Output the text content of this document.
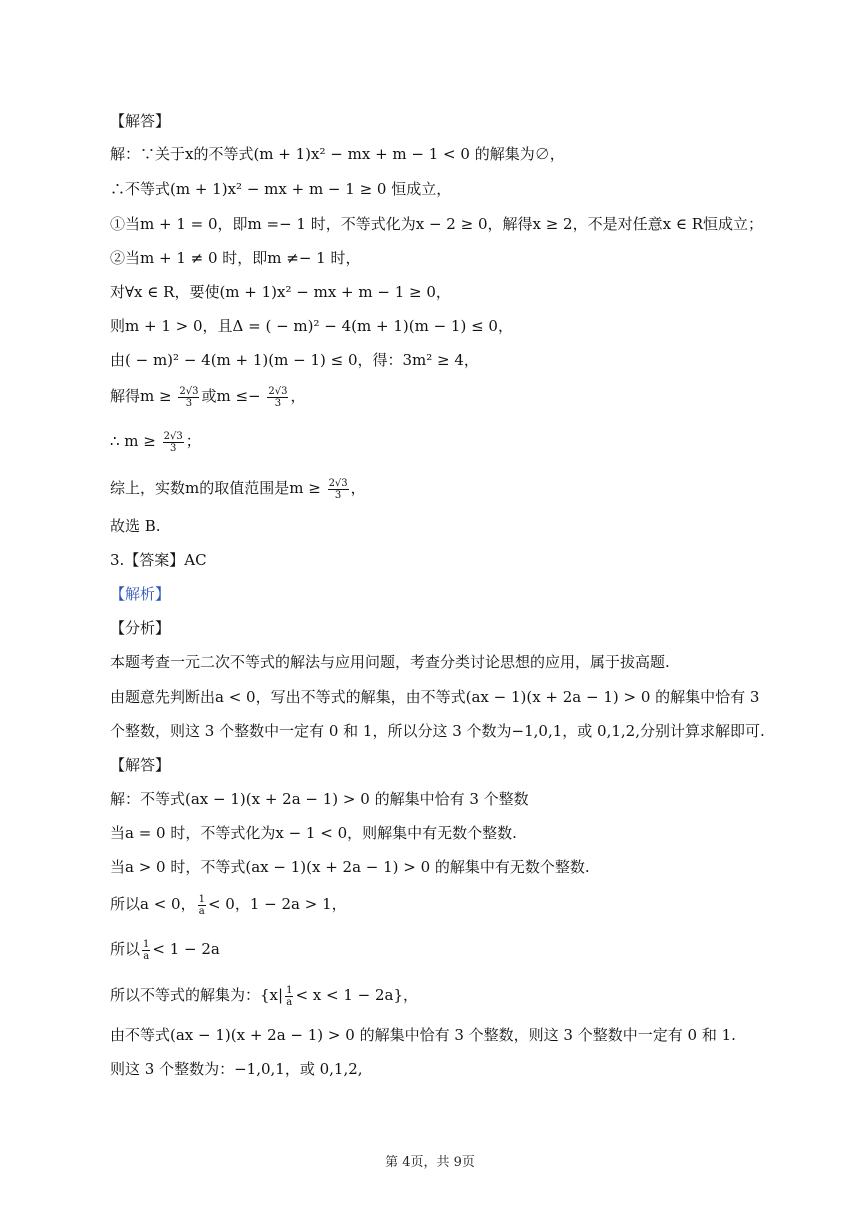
【解答】
解：∵关于x的不等式(m + 1)x² − mx + m − 1 < 0 的解集为∅，
∴不等式(m + 1)x² − mx + m − 1 ≥ 0 恒成立，
①当m + 1 = 0，即m =− 1 时，不等式化为x − 2 ≥ 0，解得x ≥ 2，不是对任意x ∈ R恒成立；
②当m + 1 ≠ 0 时，即m ≠− 1 时，
对∀x ∈ R，要使(m + 1)x² − mx + m − 1 ≥ 0，
则m + 1 > 0，且Δ = ( − m)² − 4(m + 1)(m − 1) ≤ 0，
由( − m)² − 4(m + 1)(m − 1) ≤ 0，得：3m² ≥ 4，
解得$m \ge \frac{2√3}{3}$ 或$m \le- \frac{2√3}{3}$ ，
∴ $m \ge \frac{2√3}{3}$ ；
综上，实数m的取值范围是$m \ge \frac{2√3}{3}$ ，
故选 B.
3.【答案】AC
【解析】
【分析】
本题考查一元二次不等式的解法与应用问题，考查分类讨论思想的应用，属于拔高题.
由题意先判断出a < 0，写出不等式的解集，由不等式(ax − 1)(x + 2a − 1) > 0 的解集中恰有 3
个整数，则这 3 个整数中一定有 0 和 1，所以分这 3 个数为−1,0,1，或 0,1,2,分别计算求解即可.
【解答】
解：不等式(ax − 1)(x + 2a − 1) > 0 的解集中恰有 3 个整数
当a = 0 时，不等式化为x − 1 < 0，则解集中有无数个整数.
当a > 0 时，不等式(ax − 1)(x + 2a − 1) > 0 的解集中有无数个整数.
所以a < 0， $\frac{1}{a} < 0$，1 − 2a > 1，
所以 $\frac{1}{a} < 1 - 2a$
所以不等式的解集为：$\{x| \frac{1}{a} < x < 1 - 2a\}$，
由不等式(ax − 1)(x + 2a − 1) > 0 的解集中恰有 3 个整数，则这 3 个整数中一定有 0 和 1.
则这 3 个整数为：−1,0,1，或 0,1,2,
第 4页，共 9页
